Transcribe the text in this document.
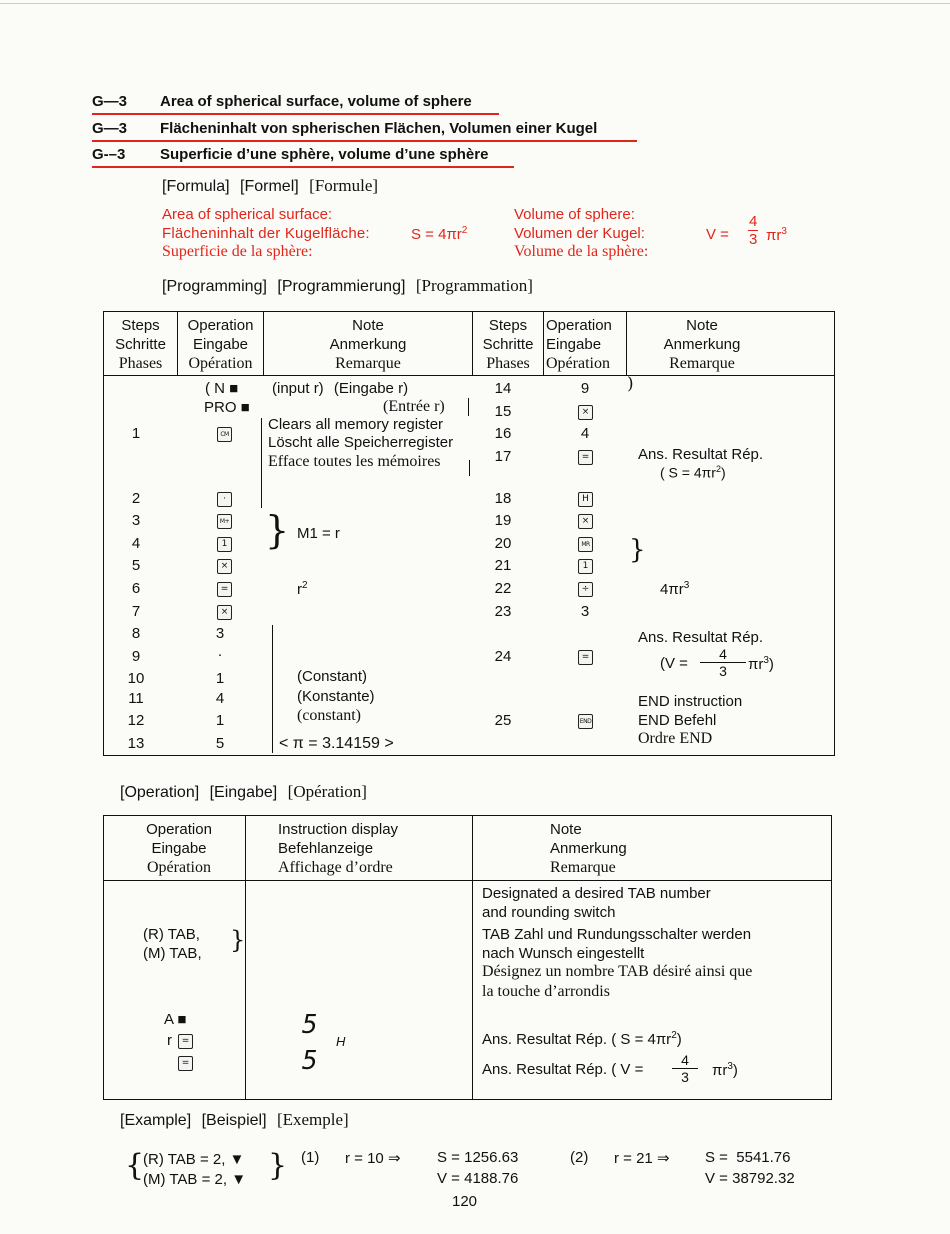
G—3 Area of spherical surface, volume of sphere
G—3 Flächeninhalt von spherischen Flächen, Volumen einer Kugel
G-–3 Superficie d’une sphère, volume d’une sphère
[Formula] [Formel] [Formule]
Area of spherical surface:
Flächeninhalt der Kugelfläche:
Superficie de la sphère:
$S = 4\pi r^2$
Volume of sphere:
Volumen der Kugel:
Volume de la sphère:
$V = \frac{4}{3} \pi r^3$
[Programming] [Programmierung] [Programmation]
Steps
Schritte
Phases
Operation
Eingabe
Opération
Note
Anmerkung
Remarque
Steps
Schritte
Phases
Operation
Eingabe
Opération
Note
Anmerkung
Remarque
1
2
3
4
5
6
7
8
9
10
11
12
13
( N ■
PRO ■
CM
·
M+
1
×
=
×
3
·
1
4
1
5
(input r) (Eingabe r)
(Entrée r)
Clears all memory register
Löscht alle Speicherregister
Efface toutes les mémoires
} M1 = r
$r^2$
(Constant)
(Konstante)
(constant)
< π = 3.14159 >
14
15
16
17
18
19
20
21
22
23
24
25
9
×
4
=
H
×
MR
1
÷
3
=
END
)
Ans. Resultat Rép.
( $S = 4\pi r^2$)
}
$4\pi r^3$
Ans. Resultat Rép.
$(V = \frac{4}{3} \pi r^3)$
END instruction
END Befehl
Ordre END
[Operation] [Eingabe] [Opération]
Operation
Eingabe
Opération
Instruction display
Befehlanzeige
Affichage d’ordre
Note
Anmerkung
Remarque
(R) TAB,
(M) TAB, }
A ■
r	=
=
5
H
5
Designated a desired TAB number
and rounding switch
TAB Zahl und Rundungsschalter werden
nach Wunsch eingestellt
Désignez un nombre TAB désiré ainsi que
la touche d’arrondis
Ans. Resultat Rép. ( $S = 4\pi r^2$)
Ans. Resultat Rép. ( $V = \frac{4}{3} \pi r^3$)
[Example] [Beispiel] [Exemple]
{
(R) TAB = 2, ▼
(M) TAB = 2, ▼ } (1) r = 10 ⇒ S = 1256.63
V = 4188.76
(2) r = 21 ⇒ S =  5541.76
V = 38792.32
120
